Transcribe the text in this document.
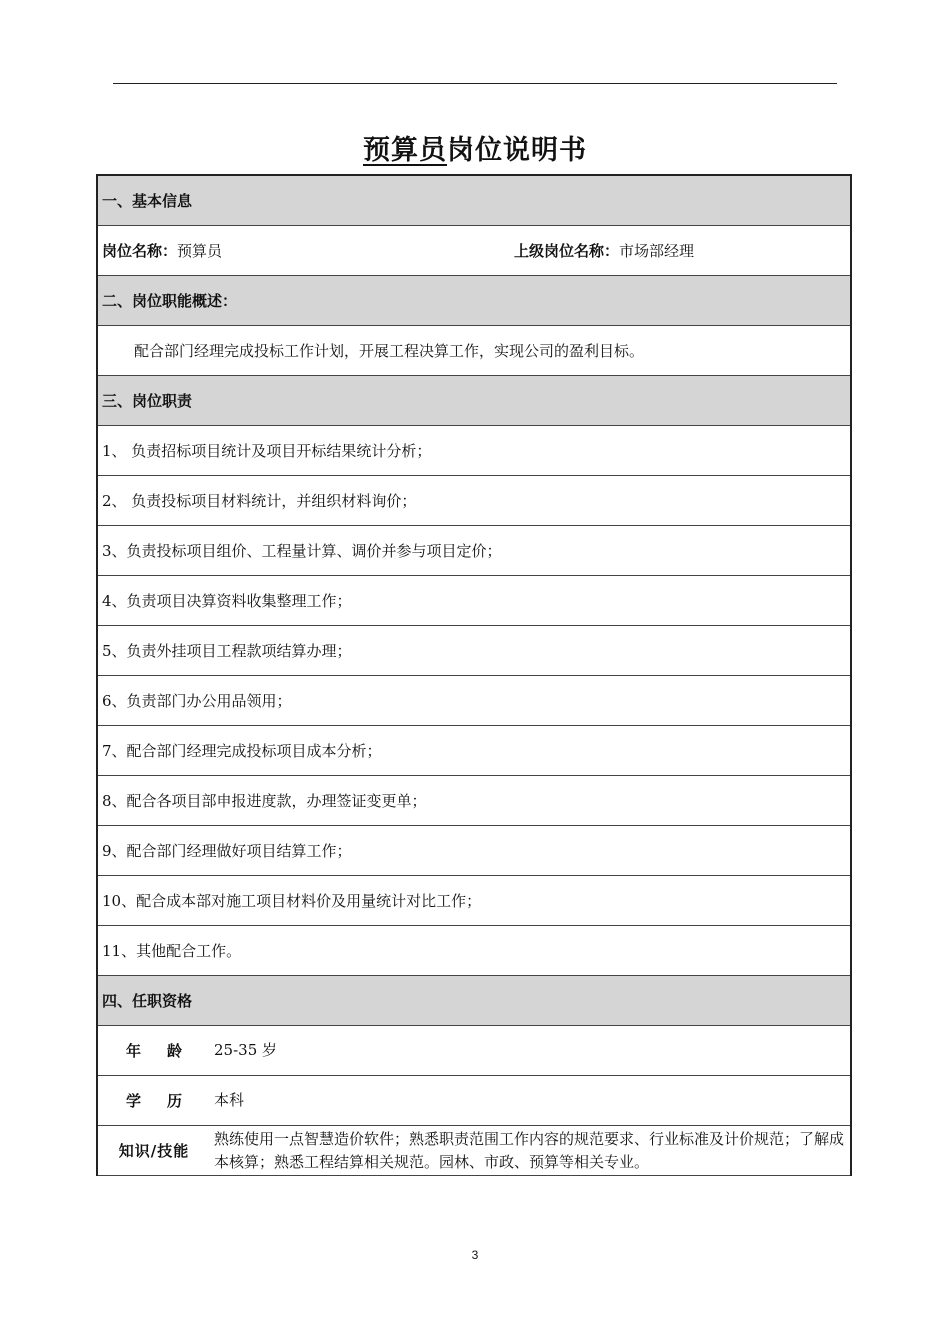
预算员岗位说明书
一、基本信息
岗位名称：预算员	上级岗位名称：市场部经理
二、岗位职能概述：
配合部门经理完成投标工作计划，开展工程决算工作，实现公司的盈利目标。
三、岗位职责
1、 负责招标项目统计及项目开标结果统计分析；
2、 负责投标项目材料统计，并组织材料询价；
3、负责投标项目组价、工程量计算、调价并参与项目定价；
4、负责项目决算资料收集整理工作；
5、负责外挂项目工程款项结算办理；
6、负责部门办公用品领用；
7、配合部门经理完成投标项目成本分析；
8、配合各项目部申报进度款，办理签证变更单；
9、配合部门经理做好项目结算工作；
10、配合成本部对施工项目材料价及用量统计对比工作；
11、其他配合工作。
四、任职资格
年龄 25-35 岁
学历 本科
知识/技能
熟练使用一点智慧造价软件；熟悉职责范围工作内容的规范要求、行业标准及计价规范；了解成本核算；熟悉工程结算相关规范。园林、市政、预算等相关专业。
3
